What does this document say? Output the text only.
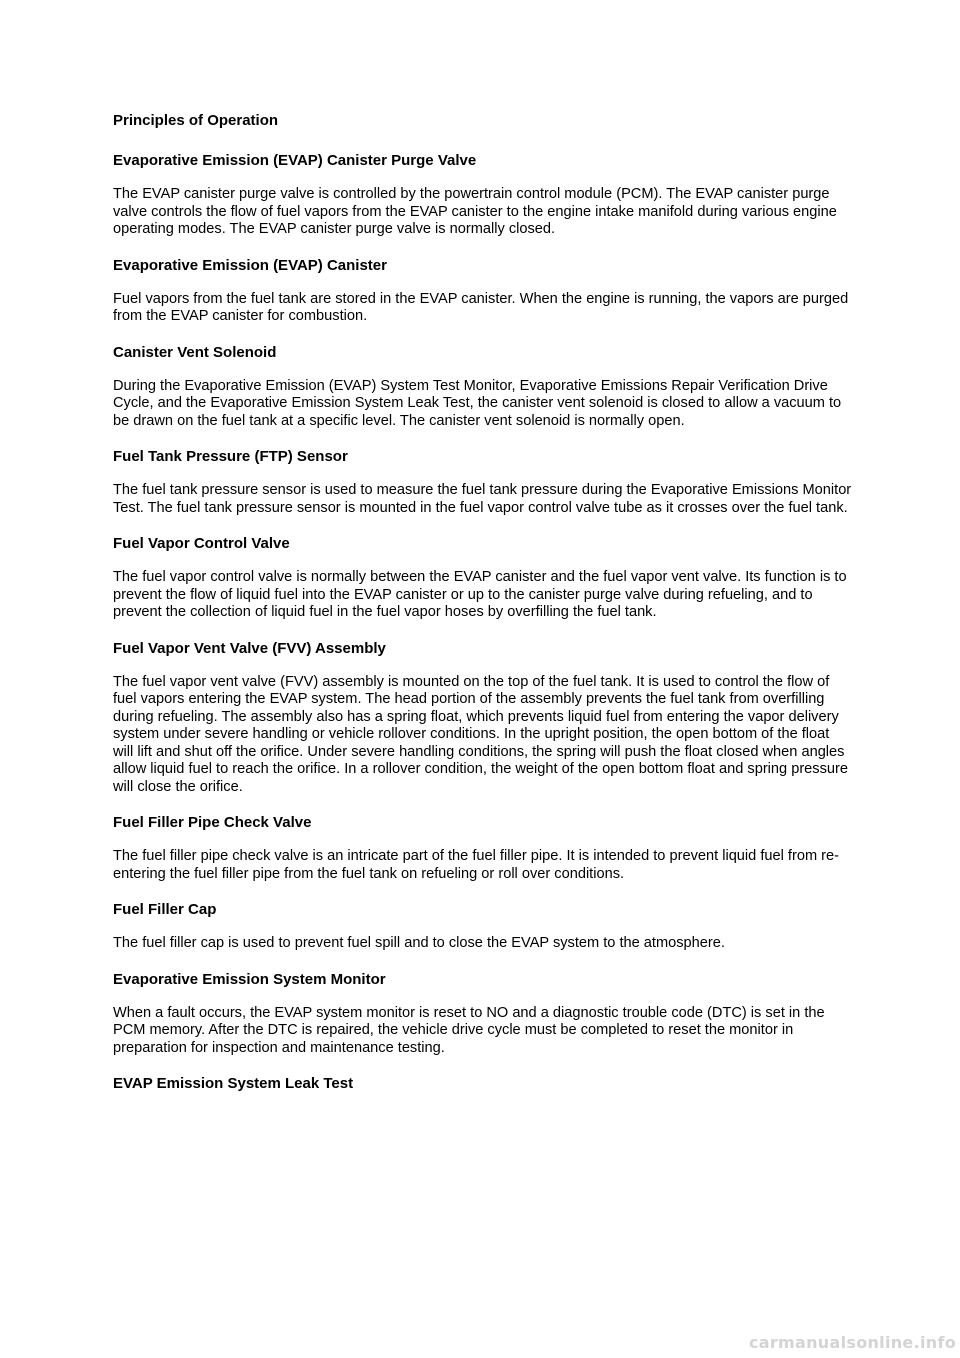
Principles of Operation
Evaporative Emission (EVAP) Canister Purge Valve

The EVAP canister purge valve is controlled by the powertrain control module (PCM). The EVAP canister purge valve controls the flow of fuel vapors from the EVAP canister to the engine intake manifold during various engine operating modes. The EVAP canister purge valve is normally closed.

Evaporative Emission (EVAP) Canister

Fuel vapors from the fuel tank are stored in the EVAP canister. When the engine is running, the vapors are purged from the EVAP canister for combustion.

Canister Vent Solenoid

During the Evaporative Emission (EVAP) System Test Monitor, Evaporative Emissions Repair Verification Drive Cycle, and the Evaporative Emission System Leak Test, the canister vent solenoid is closed to allow a vacuum to be drawn on the fuel tank at a specific level. The canister vent solenoid is normally open.

Fuel Tank Pressure (FTP) Sensor

The fuel tank pressure sensor is used to measure the fuel tank pressure during the Evaporative Emissions Monitor Test. The fuel tank pressure sensor is mounted in the fuel vapor control valve tube as it crosses over the fuel tank.

Fuel Vapor Control Valve

The fuel vapor control valve is normally between the EVAP canister and the fuel vapor vent valve. Its function is to prevent the flow of liquid fuel into the EVAP canister or up to the canister purge valve during refueling, and to prevent the collection of liquid fuel in the fuel vapor hoses by overfilling the fuel tank.

Fuel Vapor Vent Valve (FVV) Assembly

The fuel vapor vent valve (FVV) assembly is mounted on the top of the fuel tank. It is used to control the flow of fuel vapors entering the EVAP system. The head portion of the assembly prevents the fuel tank from overfilling during refueling. The assembly also has a spring float, which prevents liquid fuel from entering the vapor delivery system under severe handling or vehicle rollover conditions. In the upright position, the open bottom of the float will lift and shut off the orifice. Under severe handling conditions, the spring will push the float closed when angles allow liquid fuel to reach the orifice. In a rollover condition, the weight of the open bottom float and spring pressure will close the orifice.

Fuel Filler Pipe Check Valve

The fuel filler pipe check valve is an intricate part of the fuel filler pipe. It is intended to prevent liquid fuel from re-entering the fuel filler pipe from the fuel tank on refueling or roll over conditions.

Fuel Filler Cap

The fuel filler cap is used to prevent fuel spill and to close the EVAP system to the atmosphere.

Evaporative Emission System Monitor

When a fault occurs, the EVAP system monitor is reset to NO and a diagnostic trouble code (DTC) is set in the PCM memory. After the DTC is repaired, the vehicle drive cycle must be completed to reset the monitor in preparation for inspection and maintenance testing.

EVAP Emission System Leak Test
carmanualsonline.info
